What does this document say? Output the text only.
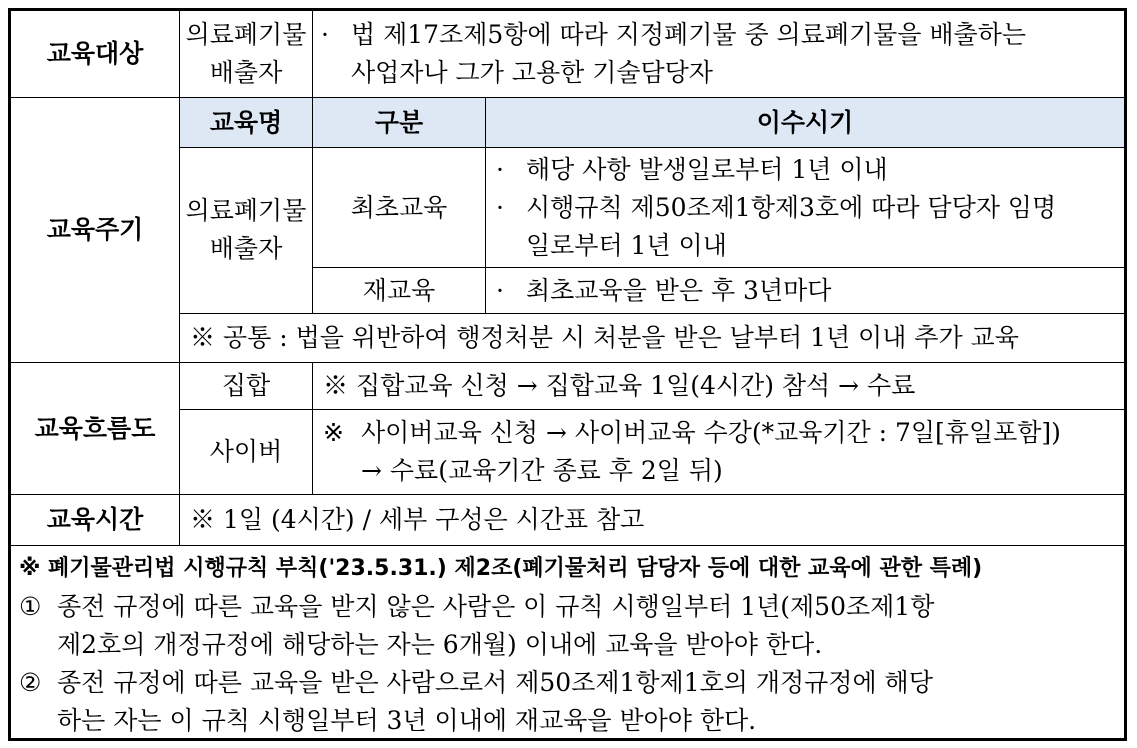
교육대상
의료폐기물
배출자
· 법 제17조제5항에 따라 지정폐기물 중 의료폐기물을 배출하는
사업자나 그가 고용한 기술담당자
교육주기
교육명	구분	이수시기
의료폐기물
배출자
최초교육
· 해당 사항 발생일로부터 1년 이내
· 시행규칙 제50조제1항제3호에 따라 담당자 임명
일로부터 1년 이내
재교육 · 최초교육을 받은 후 3년마다
※ 공통 : 법을 위반하여 행정처분 시 처분을 받은 날부터 1년 이내 추가 교육
교육흐름도
집합 ※ 집합교육 신청 → 집합교육 1일(4시간) 참석 → 수료
사이버
※ 사이버교육 신청 → 사이버교육 수강(*교육기간 : 7일[휴일포함])
→ 수료(교육기간 종료 후 2일 뒤)
교육시간 ※ 1일 (4시간) / 세부 구성은 시간표 참고
※ 폐기물관리법 시행규칙 부칙('23.5.31.) 제2조(폐기물처리 담당자 등에 대한 교육에 관한 특례)
① 종전 규정에 따른 교육을 받지 않은 사람은 이 규칙 시행일부터 1년(제50조제1항
제2호의 개정규정에 해당하는 자는 6개월) 이내에 교육을 받아야 한다.
② 종전 규정에 따른 교육을 받은 사람으로서 제50조제1항제1호의 개정규정에 해당
하는 자는 이 규칙 시행일부터 3년 이내에 재교육을 받아야 한다.
